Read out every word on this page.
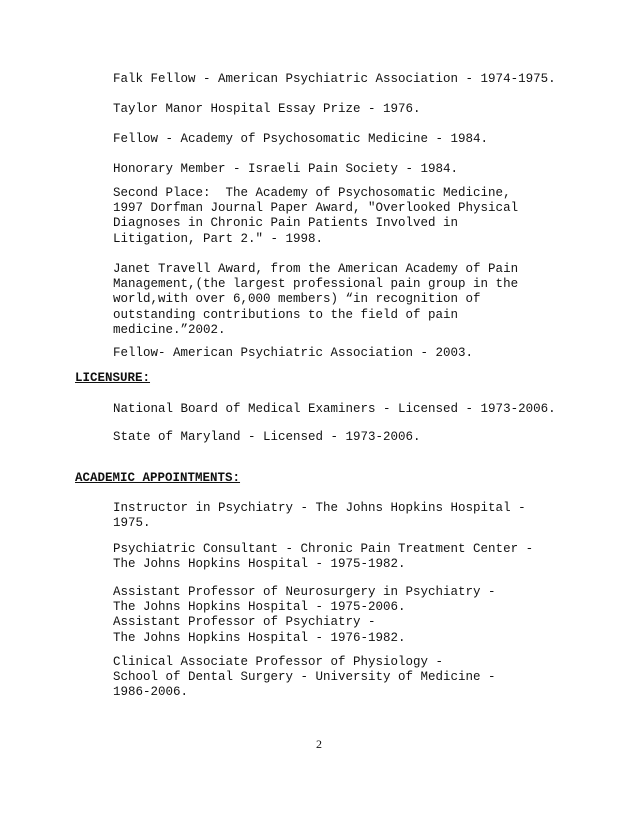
Falk Fellow - American Psychiatric Association - 1974-1975.
Taylor Manor Hospital Essay Prize - 1976.
Fellow - Academy of Psychosomatic Medicine - 1984.
Honorary Member - Israeli Pain Society - 1984.
Second Place:  The Academy of Psychosomatic Medicine,
1997 Dorfman Journal Paper Award, "Overlooked Physical
Diagnoses in Chronic Pain Patients Involved in
Litigation, Part 2." - 1998.
Janet Travell Award, from the American Academy of Pain
Management,(the largest professional pain group in the
world,with over 6,000 members) “in recognition of
outstanding contributions to the field of pain
medicine.”2002.
Fellow- American Psychiatric Association - 2003.
LICENSURE:
National Board of Medical Examiners - Licensed - 1973-2006.
State of Maryland - Licensed - 1973-2006.
ACADEMIC APPOINTMENTS:
Instructor in Psychiatry - The Johns Hopkins Hospital -
1975.
Psychiatric Consultant - Chronic Pain Treatment Center -
The Johns Hopkins Hospital - 1975-1982.
Assistant Professor of Neurosurgery in Psychiatry -
The Johns Hopkins Hospital - 1975-2006.
Assistant Professor of Psychiatry -
The Johns Hopkins Hospital - 1976-1982.
Clinical Associate Professor of Physiology -
School of Dental Surgery - University of Medicine -
1986-2006.
2
